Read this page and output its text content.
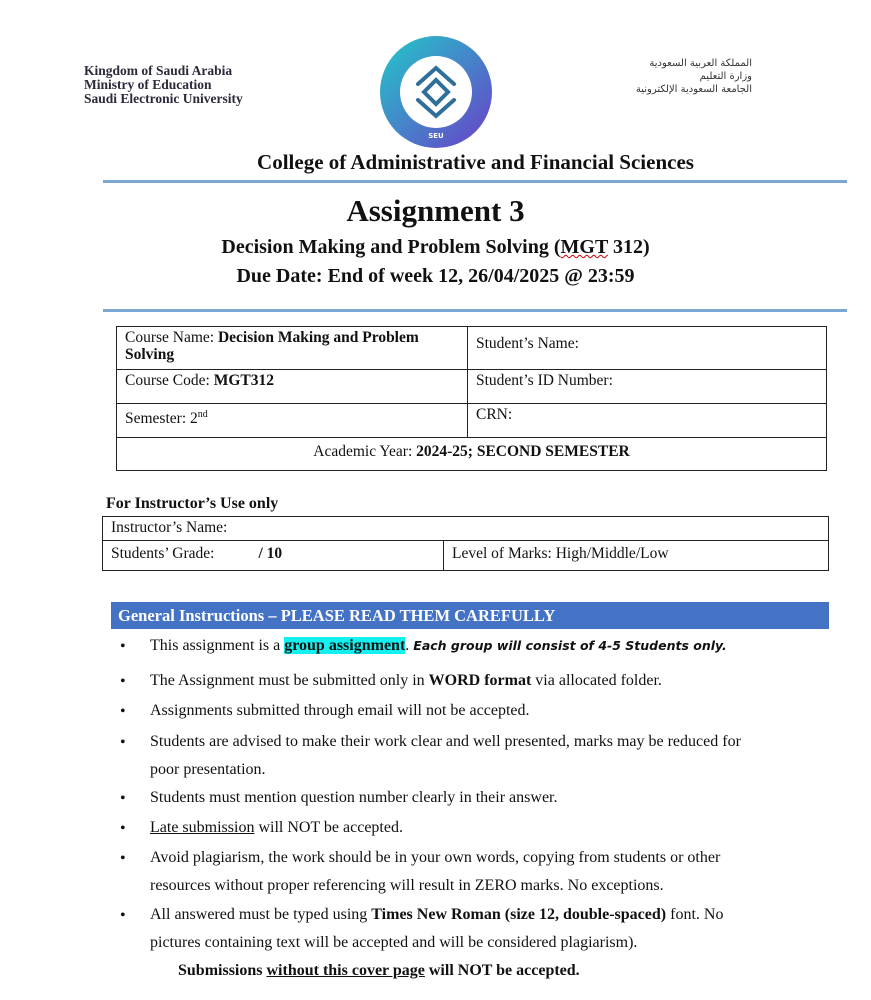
Kingdom of Saudi Arabia
Ministry of Education
Saudi Electronic University
SEU
المملكة العربية السعودية
وزارة التعليم
الجامعة السعودية الإلكترونية
College of Administrative and Financial Sciences
Assignment 3
Decision Making and Problem Solving (MGT 312)
Due Date: End of week 12, 26/04/2025 @ 23:59
Course Name: Decision Making and Problem Solving	Student’s Name:
Course Code: MGT312	Student’s ID Number:
Semester: 2nd	CRN:
Academic Year: 2024-25; SECOND SEMESTER	
For Instructor’s Use only
Instructor’s Name:
Students’ Grade:	/ 10	Level of Marks: High/Middle/Low
General Instructions – PLEASE READ THEM CAREFULLY
• This assignment is a group assignment. Each group will consist of 4-5 Students only.
• The Assignment must be submitted only in WORD format via allocated folder.
• Assignments submitted through email will not be accepted.
• Students are advised to make their work clear and well presented, marks may be reduced for poor presentation.
• Students must mention question number clearly in their answer.
• Late submission will NOT be accepted.
• Avoid plagiarism, the work should be in your own words, copying from students or other resources without proper referencing will result in ZERO marks. No exceptions.
• All answered must be typed using Times New Roman (size 12, double-spaced) font. No pictures containing text will be accepted and will be considered plagiarism).
Submissions without this cover page will NOT be accepted.
